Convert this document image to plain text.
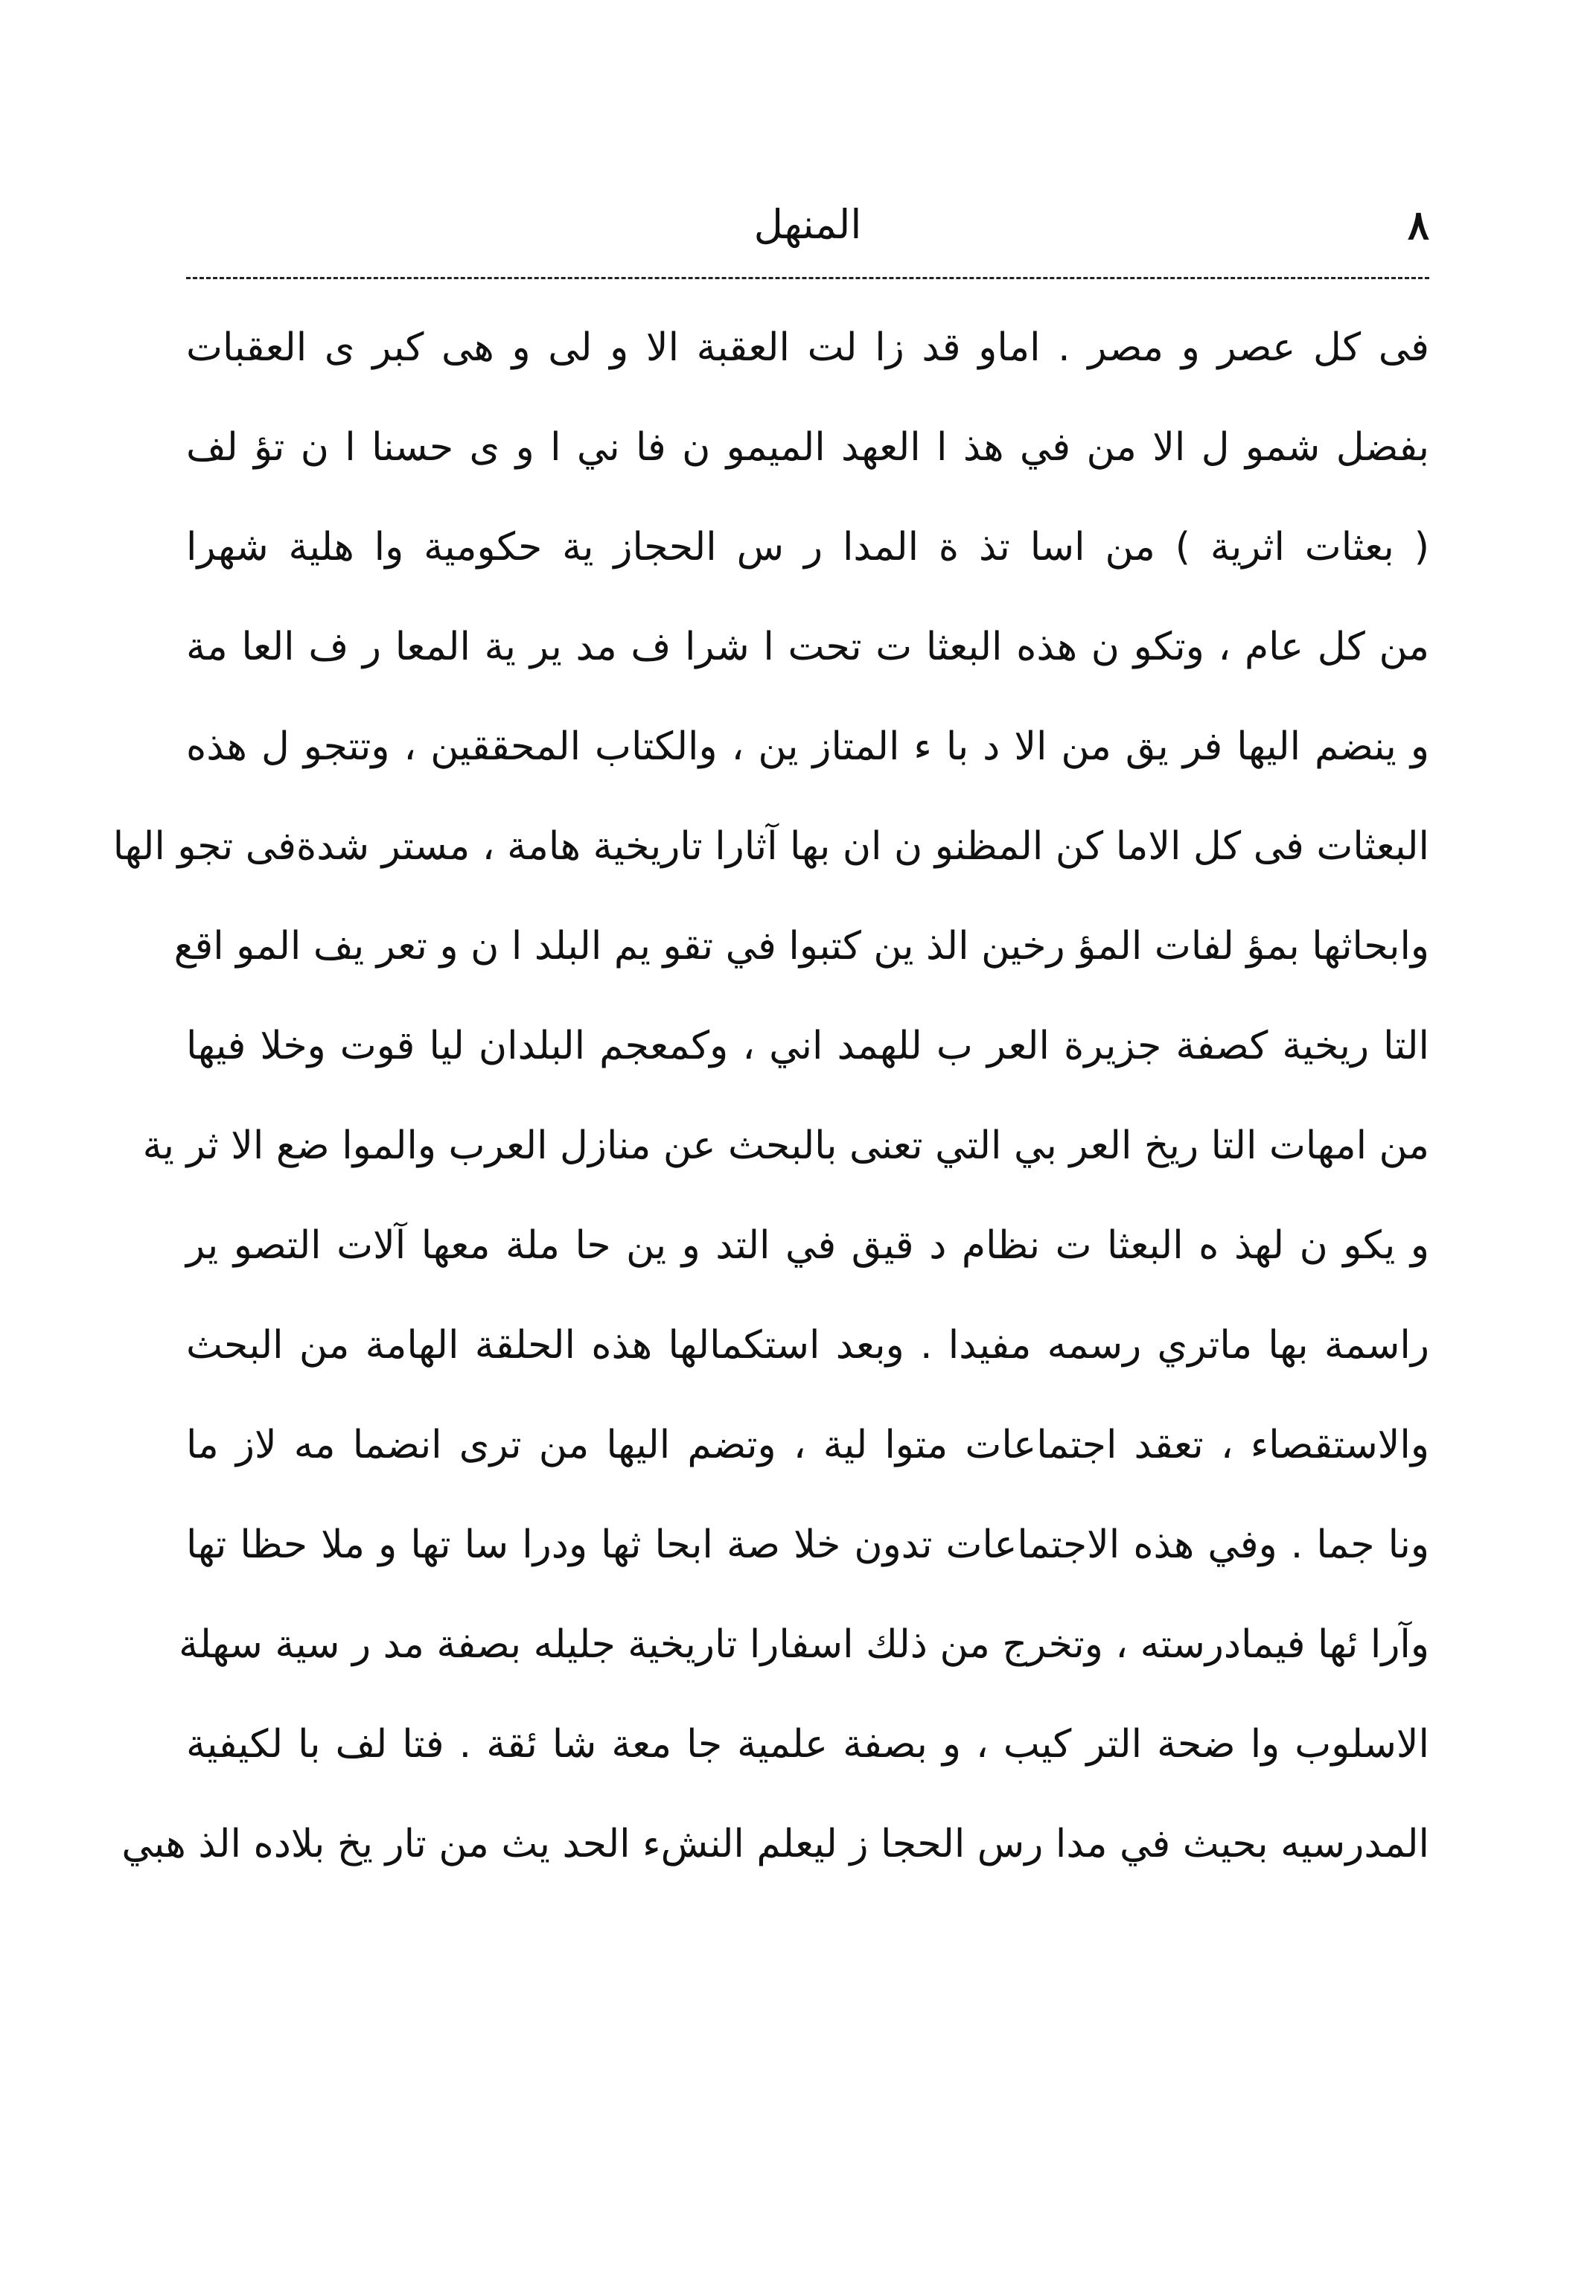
٨
المنهل
فى كل عصر و مصر . اماو قد زا لت العقبة الا و لى و هى كبر ى العقبات
بفضل شمو ل الا من في هذ ا العهد الميمو ن فا ني ا و ى حسنا ا ن تؤ لف
( بعثات اثرية ) من اسا تذ ة المدا ر س الحجاز ية حكومية وا هلية شهرا
من كل عام ، وتكو ن هذه البعثا ت تحت ا شرا ف مد ير ية المعا ر ف العا مة
و ينضم اليها فر يق من الا د با ء المتاز ين ، والكتاب المحققين ، وتتجو ل هذه
البعثات فى كل الاما كن المظنو ن ان بها آثارا تاريخية هامة ، مستر شدةفى تجو الها
وابحاثها بمؤ لفات المؤ رخين الذ ين كتبوا في تقو يم البلد ا ن و تعر يف المو اقع
التا ريخية كصفة جزيرة العر ب للهمد اني ، وكمعجم البلدان ليا قوت وخلا فيها
من امهات التا ريخ العر بي التي تعنى بالبحث عن منازل العرب والموا ضع الا ثر ية
و يكو ن لهذ ه البعثا ت نظام د قيق في التد و ين حا ملة معها آلات التصو ير
راسمة بها ماتري رسمه مفيدا . وبعد استكمالها هذه الحلقة الهامة من البحث
والاستقصاء ، تعقد اجتماعات متوا لية ، وتضم اليها من ترى انضما مه لاز ما
ونا جما . وفي هذه الاجتماعات تدون خلا صة ابحا ثها ودرا سا تها و ملا حظا تها
وآرا ئها فيمادرسته ، وتخرج من ذلك اسفارا تاريخية جليله بصفة مد ر سية سهلة
الاسلوب وا ضحة التر كيب ، و بصفة علمية جا معة شا ئقة . فتا لف با لكيفية
المدرسيه بحيث في مدا رس الحجا ز ليعلم النشء الحد يث من تار يخ بلاده الذ هبي
